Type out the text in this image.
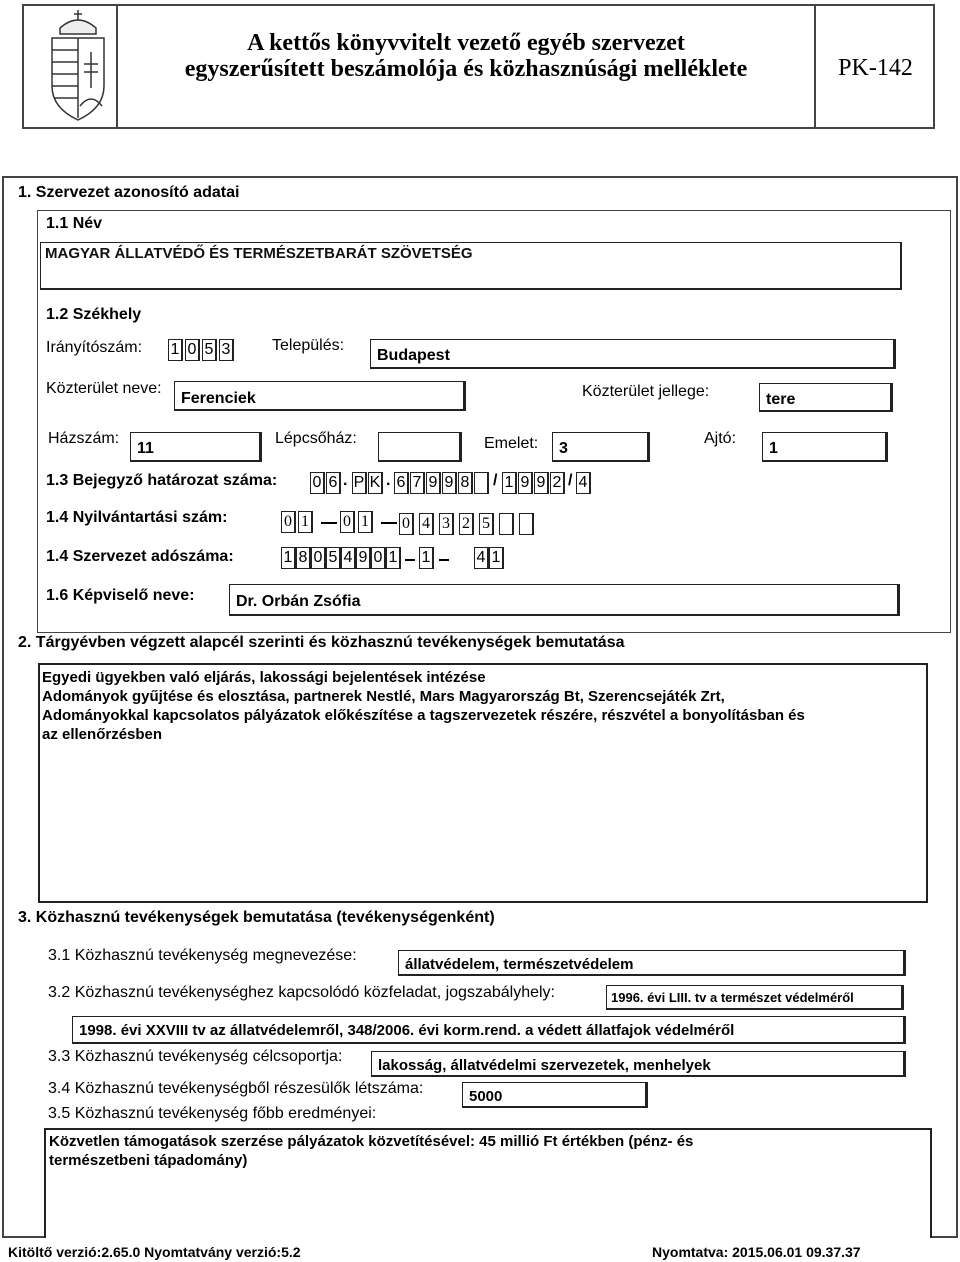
A kettős könyvvitelt vezető egyéb szervezet
egyszerűsített beszámolója és közhasznúsági melléklete	PK-142
1. Szervezet azonosító adatai
1.1 Név
MAGYAR ÁLLATVÉDŐ ÉS TERMÉSZETBARÁT SZÖVETSÉG
1.2 Székhely
Irányítószám: 1 0 5 3	Település:
Budapest
Közterület neve:
Ferenciek	Közterület jellege:	tere
Házszám:
11
Lépcsőház:	Emelet:	3
Ajtó:
1
1.3 Bejegyző határozat száma: 0 6 . P K . 6 7 9 9 8 / 1 9 9 2 / 4
1.4 Nyilvántartási szám:	0 1 0 1 0 4 3 2 5
1.4 Szervezet adószáma:	1 8 0 5 4 9 0 1 1	4 1
1.6 Képviselő neve:	Dr. Orbán Zsófia
2. Tárgyévben végzett alapcél szerinti és közhasznú tevékenységek bemutatása
Egyedi ügyekben való eljárás, lakossági bejelentések intézése
Adományok gyűjtése és elosztása, partnerek Nestlé, Mars Magyarország Bt, Szerencsejáték Zrt,
Adományokkal kapcsolatos pályázatok előkészítése a tagszervezetek részére, részvétel a bonyolításban és
az ellenőrzésben
3. Közhasznú tevékenységek bemutatása (tevékenységenként)
3.1 Közhasznú tevékenység megnevezése:
állatvédelem, természetvédelem
3.2 Közhasznú tevékenységhez kapcsolódó közfeladat, jogszabályhely:	1996. évi LIII. tv a természet védelméről
1998. évi XXVIII tv az állatvédelemről, 348/2006. évi korm.rend. a védett állatfajok védelméről
3.3 Közhasznú tevékenység célcsoportja:
lakosság, állatvédelmi szervezetek, menhelyek
3.4 Közhasznú tevékenységből részesülők létszáma:	5000
3.5 Közhasznú tevékenység főbb eredményei:
Közvetlen támogatások szerzése pályázatok közvetítésével: 45 millió Ft értékben (pénz- és
természetbeni tápadomány)
Kitöltő verzió:2.65.0 Nyomtatvány verzió:5.2	Nyomtatva: 2015.06.01 09.37.37
